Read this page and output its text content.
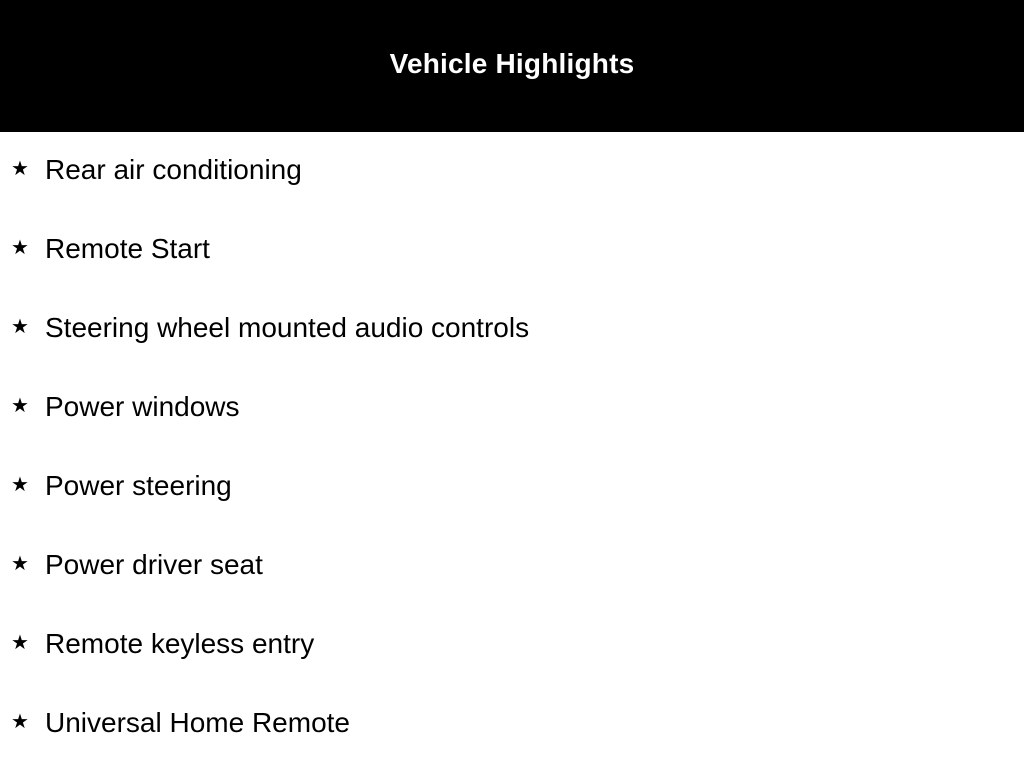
Vehicle Highlights
★ Rear air conditioning
★ Remote Start
★ Steering wheel mounted audio controls
★ Power windows
★ Power steering
★ Power driver seat
★ Remote keyless entry
★ Universal Home Remote
